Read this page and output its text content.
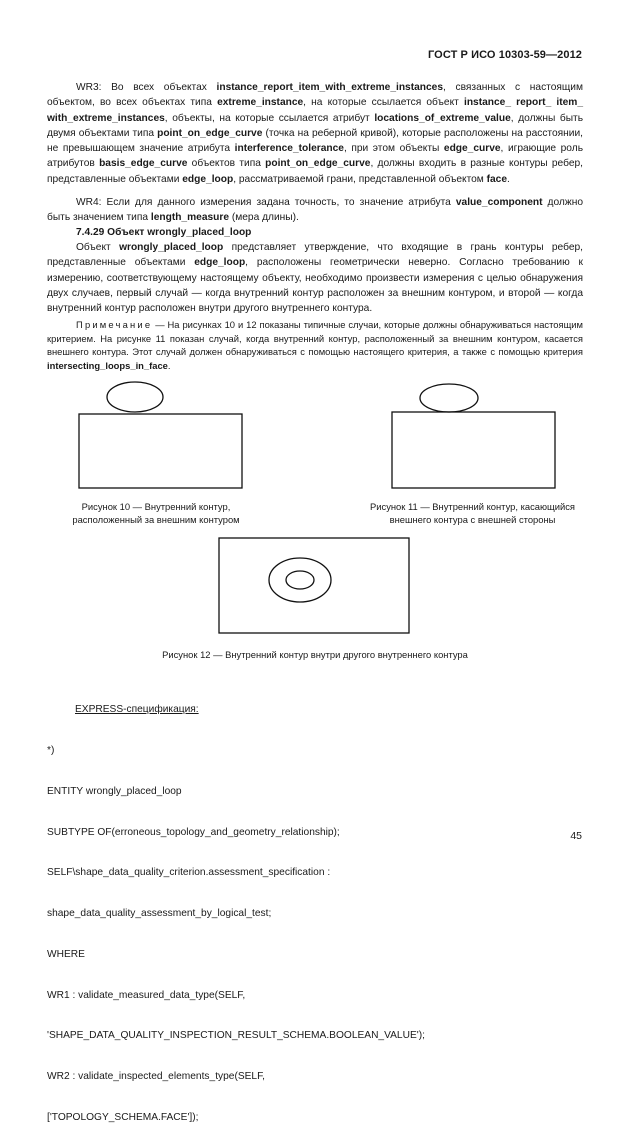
ГОСТ Р ИСО 10303-59—2012

WR3: Во всех объектах instance_report_item_with_extreme_instances, связанных с настоящим объектом, во всех объектах типа extreme_instance, на которые ссылается объект instance_ report_ item_ with_extreme_instances, объекты, на которые ссылается атрибут locations_of_extreme_value, должны быть двумя объектами типа point_on_edge_curve (точка на реберной кривой), которые расположены на расстоянии, не превышающем значение атрибута interference_tolerance, при этом объекты edge_curve, играющие роль атрибутов basis_edge_curve объектов типа point_on_edge_curve, должны входить в разные контуры ребер, представленные объектами edge_loop, рассматриваемой грани, представленной объектом face.

WR4: Если для данного измерения задана точность, то значение атрибута value_component должно быть значением типа length_measure (мера длины).

7.4.29 Объект wrongly_placed_loop

Объект wrongly_placed_loop представляет утверждение, что входящие в грань контуры ребер, представленные объектами edge_loop, расположены геометрически неверно. Согласно требованию к измерению, соответствующему настоящему объекту, необходимо произвести измерения с целью обнаружения двух случаев, первый случай — когда внутренний контур расположен за внешним контуром, и второй — когда внутренний контур расположен внутри другого внутреннего контура.

Примечание — На рисунках 10 и 12 показаны типичные случаи, которые должны обнаруживаться настоящим критерием. На рисунке 11 показан случай, когда внутренний контур, расположенный за внешним контуром, касается внешнего контура. Этот случай должен обнаруживаться с помощью настоящего критерия, а также с помощью критерия intersecting_loops_in_face.

Рисунок 10 — Внутренний контур,
расположенный за внешним контуром
Рисунок 11 — Внутренний контур, касающийся
внешнего контура с внешней стороны
Рисунок 12 — Внутренний контур внутри другого внутреннего контура

EXPRESS-спецификация:

*)

ENTITY wrongly_placed_loop

SUBTYPE OF(erroneous_topology_and_geometry_relationship);

SELF\shape_data_quality_criterion.assessment_specification :

shape_data_quality_assessment_by_logical_test;

WHERE

WR1 : validate_measured_data_type(SELF,

'SHAPE_DATA_QUALITY_INSPECTION_RESULT_SCHEMA.BOOLEAN_VALUE');

WR2 : validate_inspected_elements_type(SELF,

['TOPOLOGY_SCHEMA.FACE']);

45
